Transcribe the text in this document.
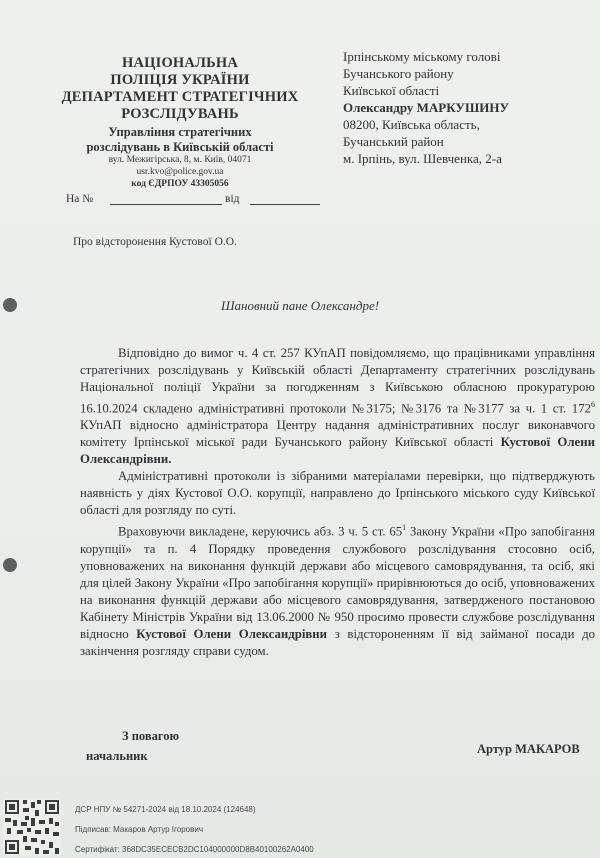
НАЦІОНАЛЬНА
ПОЛІЦІЯ УКРАЇНИ
ДЕПАРТАМЕНТ СТРАТЕГІЧНИХ
РОЗСЛІДУВАНЬ
Управління стратегічних
розслідувань в Київській області
вул. Межигірська, 8, м. Київ, 04071
usr.kvo@police.gov.ua
код ЄДРПОУ 43305056
На №	від
Ірпінському міському голові
Бучанського району
Київської області
Олександру МАРКУШИНУ
08200, Київська область,
Бучанський район
м. Ірпінь, вул. Шевченка, 2-а
Про відсторонення Кустової О.О.
Шановний пане Олександре!

Відповідно до вимог ч. 4 ст. 257 КУпАП повідомляємо, що працівниками управління стратегічних розслідувань у Київській області Департаменту стратегічних розслідувань Національної поліції України за погодженням з Київською обласною прокуратурою 16.10.2024 складено адміністративні протоколи №3175; №3176 та №3177 за ч. 1 ст. $172^6$ КУпАП відносно адміністратора Центру надання адміністративних послуг виконавчого комітету Ірпінської міської ради Бучанського району Київської області Кустової Олени Олександрівни.

Адміністративні протоколи із зібраними матеріалами перевірки, що підтверджують наявність у діях Кустової О.О. корупції, направлено до Ірпінського міського суду Київської області для розгляду по суті.

Враховуючи викладене, керуючись абз. 3 ч. 5 ст. $65^1$ Закону України «Про запобігання корупції» та п. 4 Порядку проведення службового розслідування стосовно осіб, уповноважених на виконання функцій держави або місцевого самоврядування, та осіб, які для цілей Закону України «Про запобігання корупції» прирівнюються до осіб, уповноважених на виконання функцій держави або місцевого самоврядування, затвердженого постановою Кабінету Міністрів України від 13.06.2000 № 950 просимо провести службове розслідування відносно Кустової Олени Олександрівни з відстороненням її від займаної посади до закінчення розгляду справи судом.

З повагою
начальник	Артур МАКАРОВ
ДСР НПУ № 54271-2024 від 18.10.2024 (124648)
Підписав: Макаров Артур Ігорович
Сертифікат: 368DC35ECECB2DC104000000D8B40100262A0400
